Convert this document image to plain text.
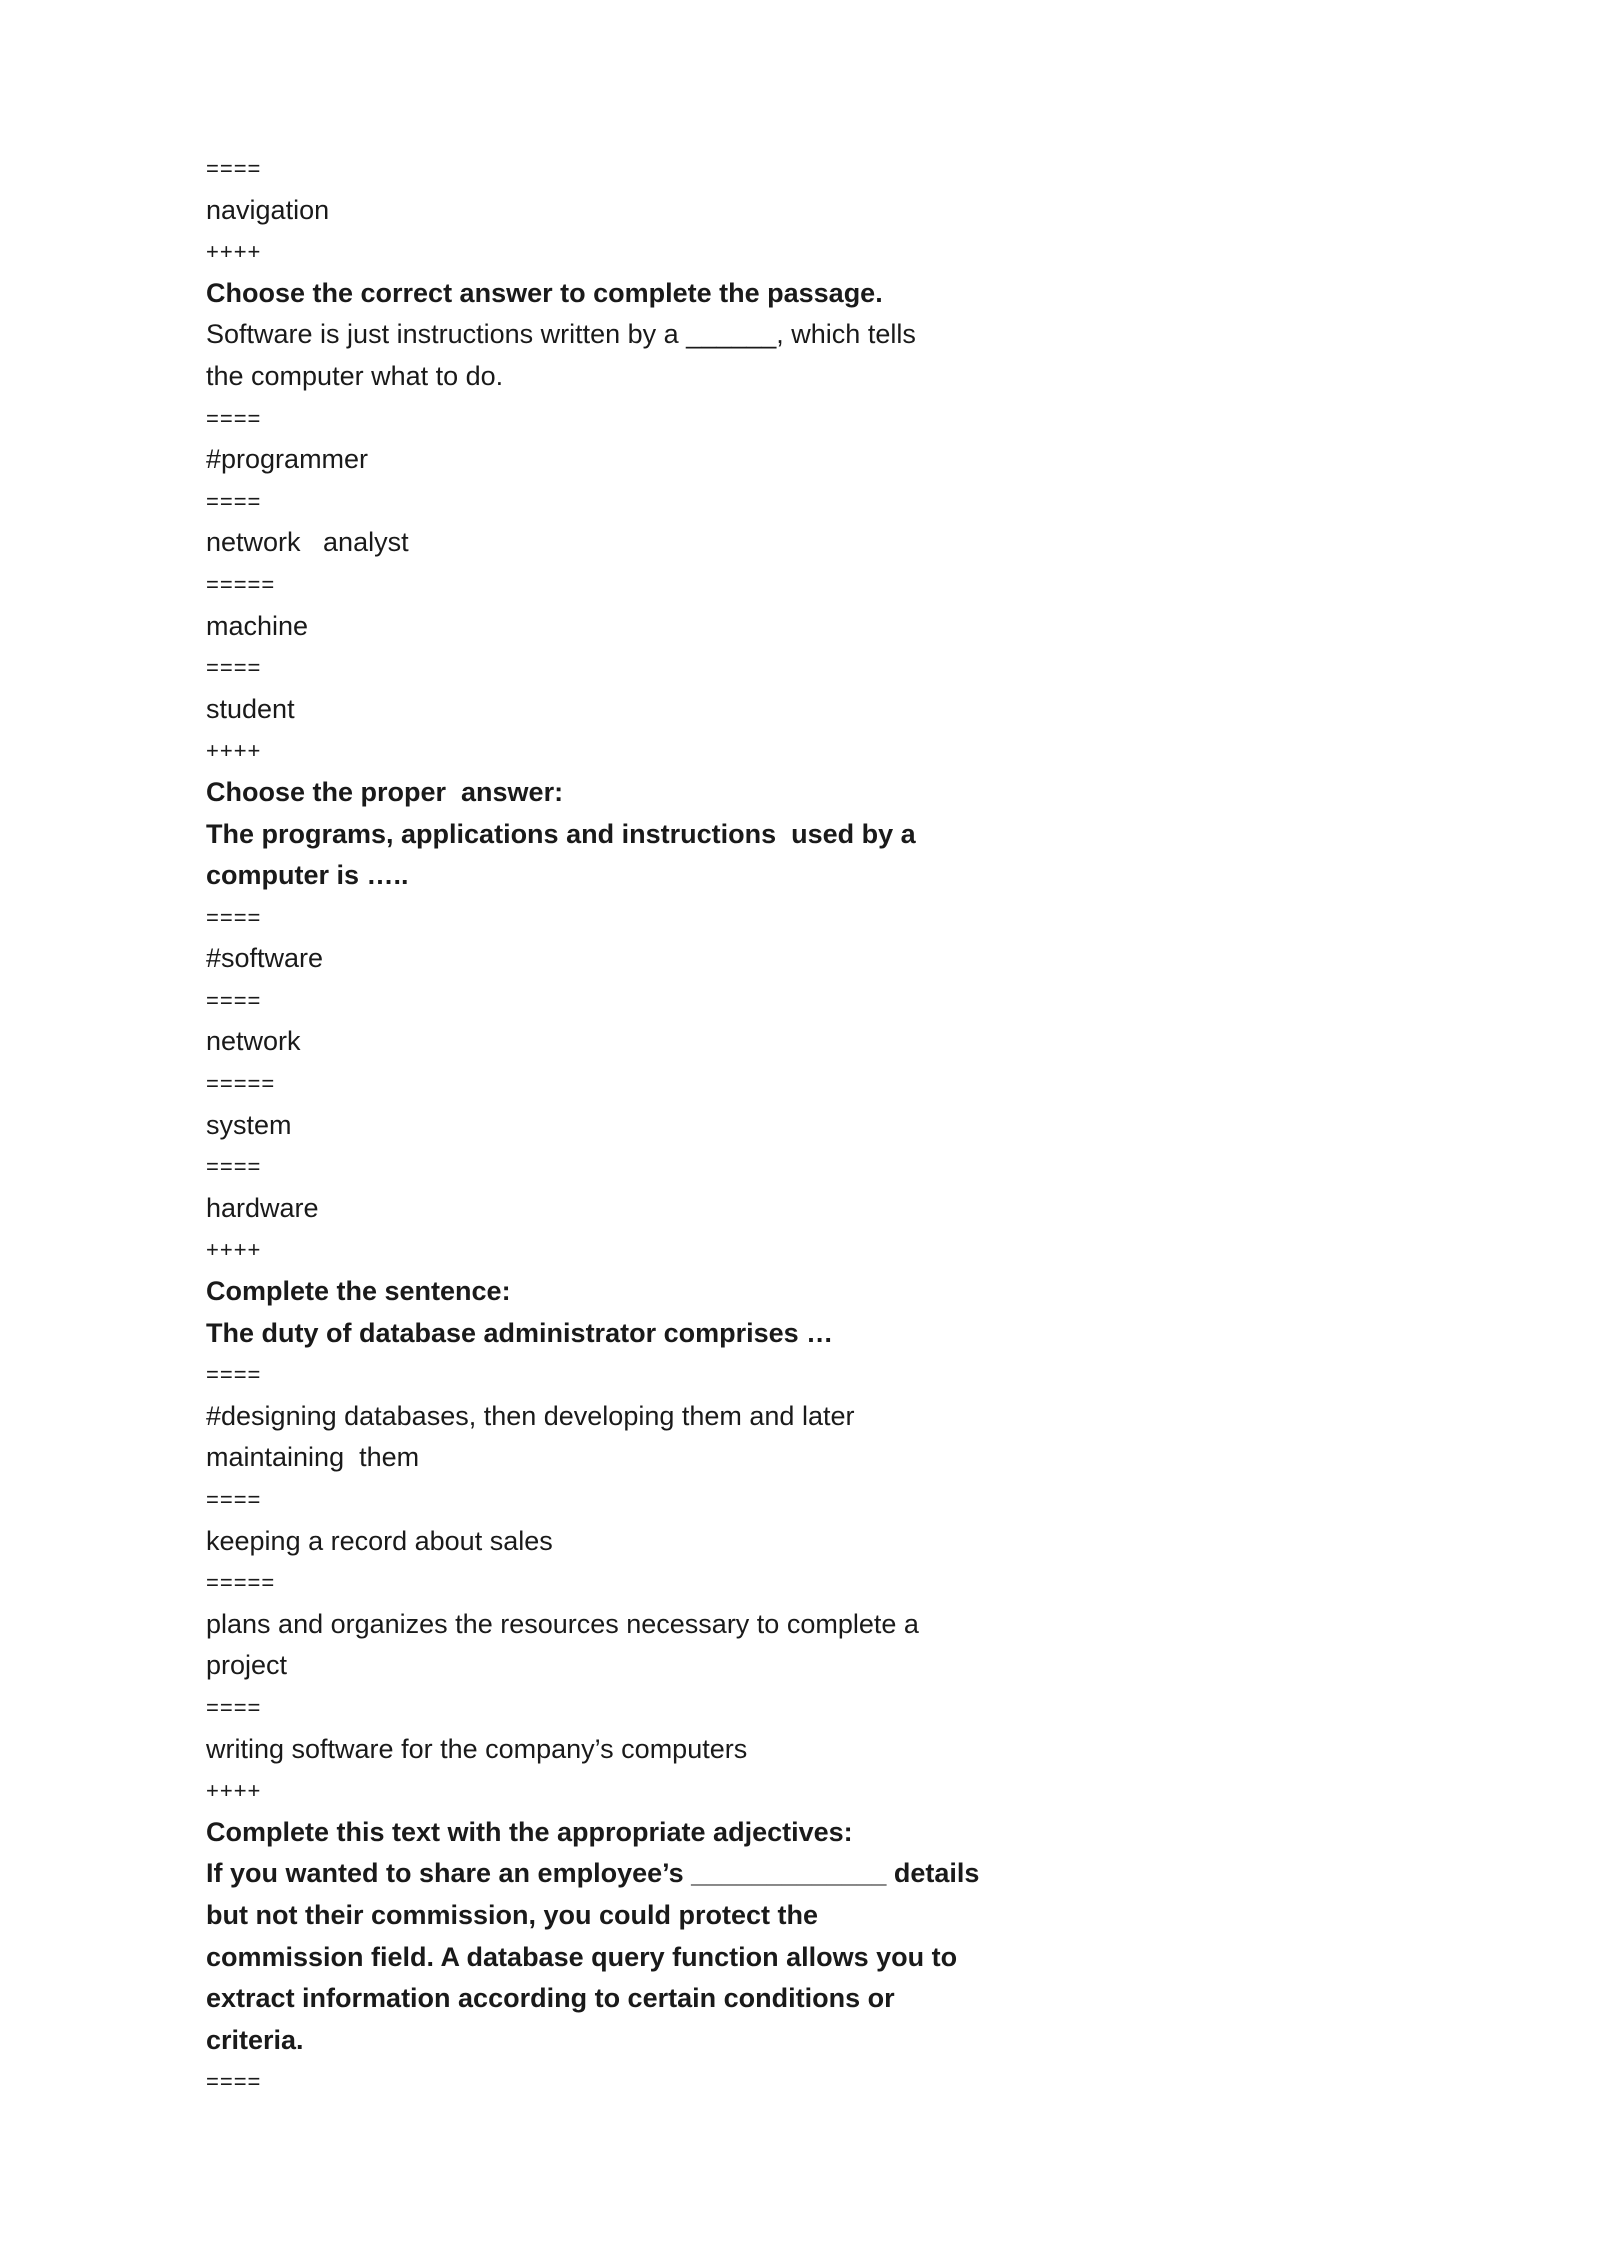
====
navigation
++++
Choose the correct answer to complete the passage.
Software is just instructions written by a ______, which tells
the computer what to do.
====
#programmer
====
network   analyst
=====
machine
====
student
++++
Choose the proper  answer:
The programs, applications and instructions  used by a
computer is …..
====
#software
====
network
=====
system
====
hardware
++++
Complete the sentence:
The duty of database administrator comprises …
====
#designing databases, then developing them and later
maintaining  them
====
keeping a record about sales
=====
plans and organizes the resources necessary to complete a
project
====
writing software for the company’s computers
++++
Complete this text with the appropriate adjectives:
If you wanted to share an employee’s _____________ details
but not their commission, you could protect the
commission field. A database query function allows you to
extract information according to certain conditions or
criteria.
====
